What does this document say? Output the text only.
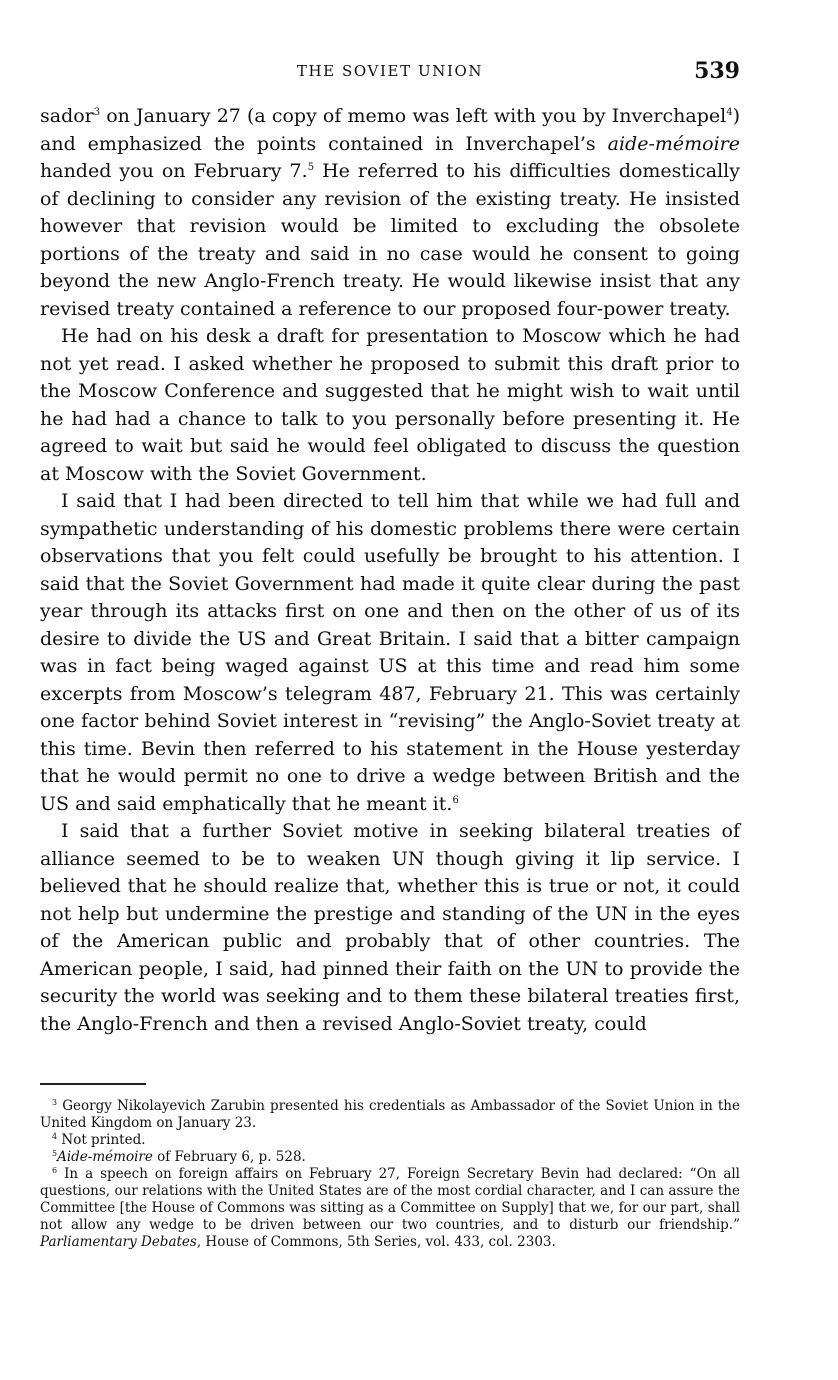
THE SOVIET UNION	539

sador$^3$ on January 27 (a copy of memo was left with you by Inverchapel$^4$) and emphasized the points contained in Inverchapel’s aide-mémoire handed you on February 7.$^5$ He referred to his difficulties domestically of declining to consider any revision of the existing treaty. He insisted however that revision would be limited to excluding the obsolete portions of the treaty and said in no case would he consent to going beyond the new Anglo-French treaty. He would likewise insist that any revised treaty contained a reference to our proposed four-power treaty.

He had on his desk a draft for presentation to Moscow which he had not yet read. I asked whether he proposed to submit this draft prior to the Moscow Conference and suggested that he might wish to wait until he had had a chance to talk to you personally before presenting it. He agreed to wait but said he would feel obligated to discuss the question at Moscow with the Soviet Government.

I said that I had been directed to tell him that while we had full and sympathetic understanding of his domestic problems there were certain observations that you felt could usefully be brought to his attention. I said that the Soviet Government had made it quite clear during the past year through its attacks first on one and then on the other of us of its desire to divide the US and Great Britain. I said that a bitter campaign was in fact being waged against US at this time and read him some excerpts from Moscow’s telegram 487, February 21. This was certainly one factor behind Soviet interest in “revising” the Anglo-Soviet treaty at this time. Bevin then referred to his statement in the House yesterday that he would permit no one to drive a wedge between British and the US and said emphatically that he meant it.$^6$

I said that a further Soviet motive in seeking bilateral treaties of alliance seemed to be to weaken UN though giving it lip service. I believed that he should realize that, whether this is true or not, it could not help but undermine the prestige and standing of the UN in the eyes of the American public and probably that of other countries. The American people, I said, had pinned their faith on the UN to provide the security the world was seeking and to them these bilateral treaties first, the Anglo-French and then a revised Anglo-Soviet treaty, could

$^3$ Georgy Nikolayevich Zarubin presented his credentials as Ambassador of the Soviet Union in the United Kingdom on January 23.

$^4$ Not printed.

$^5$Aide-mémoire of February 6, p. 528.

$^6$ In a speech on foreign affairs on February 27, Foreign Secretary Bevin had declared: “On all questions, our relations with the United States are of the most cordial character, and I can assure the Committee [the House of Commons was sitting as a Committee on Supply] that we, for our part, shall not allow any wedge to be driven between our two countries, and to disturb our friendship.” Parliamentary Debates, House of Commons, 5th Series, vol. 433, col. 2303.
